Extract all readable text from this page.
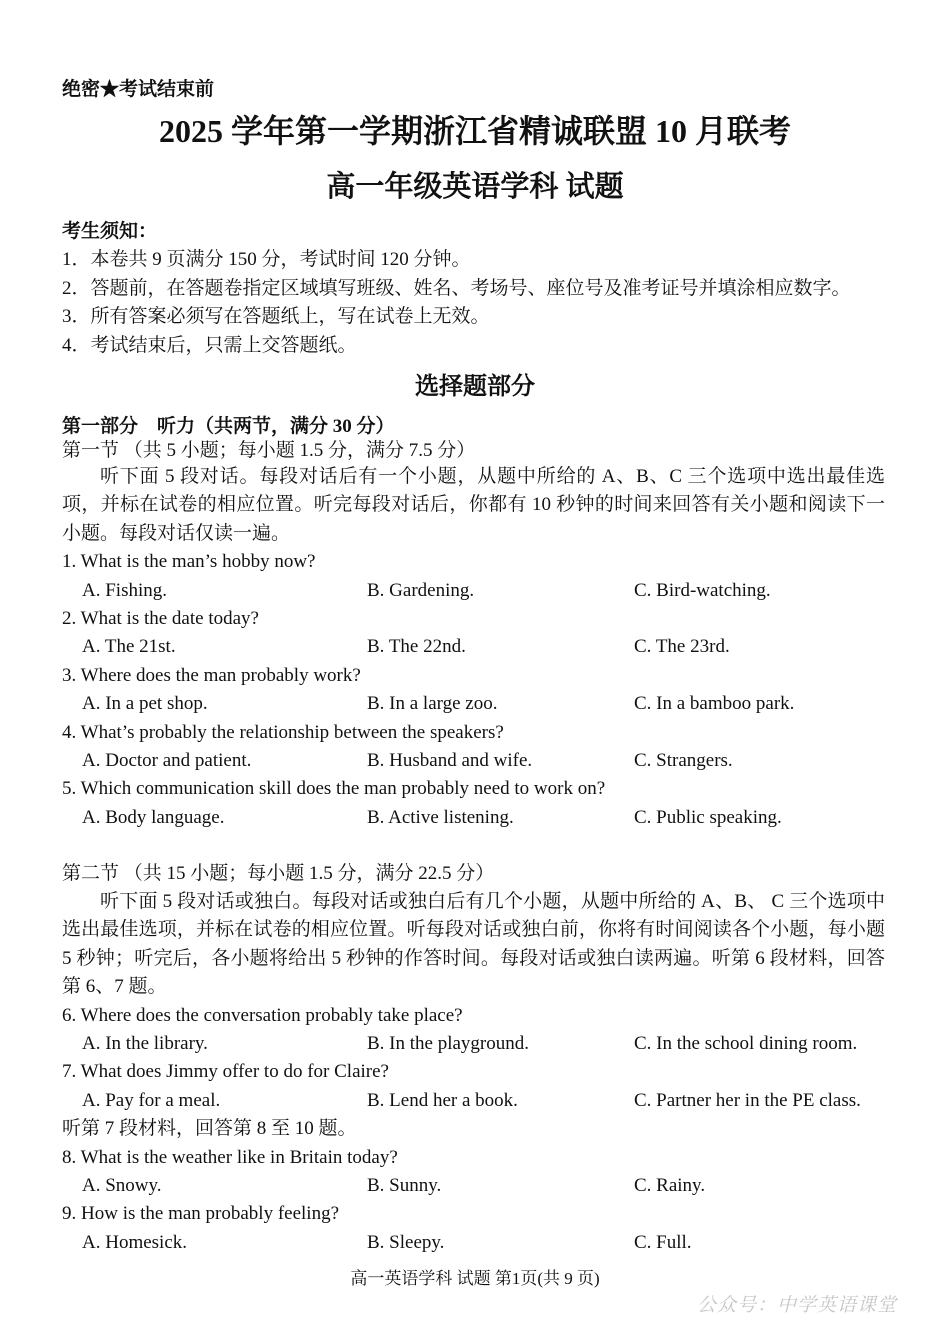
绝密★考试结束前
2025 学年第一学期浙江省精诚联盟 10 月联考
高一年级英语学科 试题
考生须知：
1．本卷共 9 页满分 150 分，考试时间 120 分钟。
2．答题前，在答题卷指定区域填写班级、姓名、考场号、座位号及准考证号并填涂相应数字。
3．所有答案必须写在答题纸上，写在试卷上无效。
4．考试结束后，只需上交答题纸。
选择题部分
第一部分　听力（共两节，满分 30 分）
第一节 （共 5 小题；每小题 1.5 分，满分 7.5 分）

听下面 5 段对话。每段对话后有一个小题，从题中所给的 A、B、C 三个选项中选出最佳选项，并标在试卷的相应位置。听完每段对话后，你都有 10 秒钟的时间来回答有关小题和阅读下一小题。每段对话仅读一遍。

1. What is the man’s hobby now?
A. Fishing.	B. Gardening.	C. Bird-watching.
2. What is the date today?
A. The 21st.	B. The 22nd.	C. The 23rd.
3. Where does the man probably work?
A. In a pet shop.	B. In a large zoo.	C. In a bamboo park.
4. What’s probably the relationship between the speakers?
A. Doctor and patient.	B. Husband and wife.	C. Strangers.
5. Which communication skill does the man probably need to work on?
A. Body language.	B. Active listening.	C. Public speaking.
第二节 （共 15 小题；每小题 1.5 分，满分 22.5 分）

听下面 5 段对话或独白。每段对话或独白后有几个小题，从题中所给的 A、B、 C 三个选项中选出最佳选项，并标在试卷的相应位置。听每段对话或独白前，你将有时间阅读各个小题，每小题 5 秒钟；听完后，各小题将给出 5 秒钟的作答时间。每段对话或独白读两遍。听第 6 段材料，回答第 6、7 题。

6. Where does the conversation probably take place?
A. In the library.	B. In the playground.	C. In the school dining room.
7. What does Jimmy offer to do for Claire?
A. Pay for a meal.	B. Lend her a book.	C. Partner her in the PE class.
听第 7 段材料，回答第 8 至 10 题。
8. What is the weather like in Britain today?
A. Snowy.	B. Sunny.	C. Rainy.
9. How is the man probably feeling?
A. Homesick.	B. Sleepy.	C. Full.
高一英语学科 试题 第1页(共 9 页)
公众号：中学英语课堂
